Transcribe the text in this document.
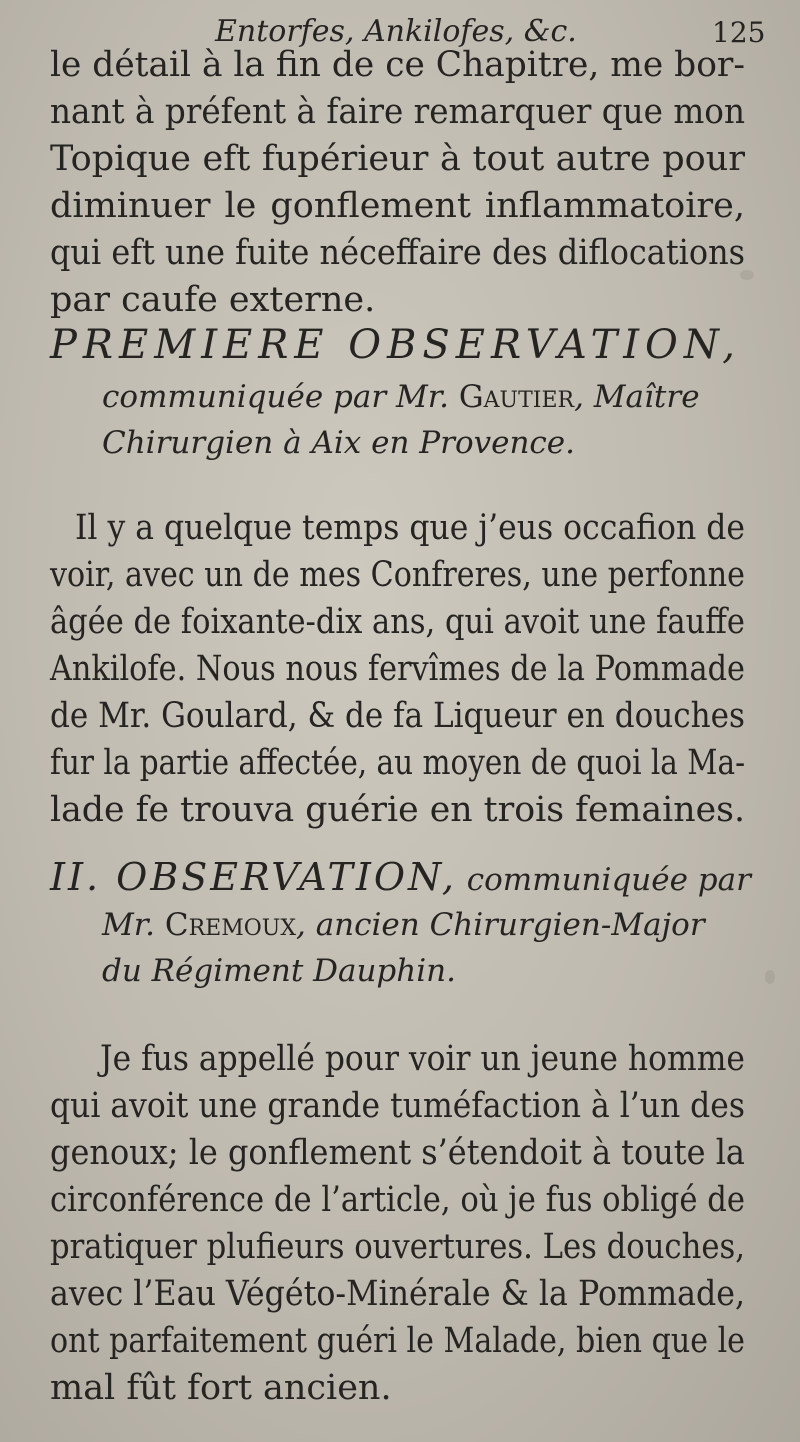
Entorfes, Ankilofes, &c.	125
le détail à la fin de ce Chapitre, me bor-
nant à préfent à faire remarquer que mon
Topique eft fupérieur à tout autre pour
diminuer le gonflement inflammatoire,
qui eft une fuite néceffaire des diflocations
par caufe externe.
PREMIERE OBSERVATION,
communiquée par Mr. Gautier, Maître
Chirurgien à Aix en Provence.
Il y a quelque temps que j’eus occafion de
voir, avec un de mes Confreres, une perfonne
âgée de foixante-dix ans, qui avoit une fauffe
Ankilofe. Nous nous fervîmes de la Pommade
de Mr. Goulard, & de fa Liqueur en douches
fur la partie affectée, au moyen de quoi la Ma-
lade fe trouva guérie en trois femaines.
II. OBSERVATION, communiquée par
Mr. Cremoux, ancien Chirurgien-Major
du Régiment Dauphin.
Je fus appellé pour voir un jeune homme
qui avoit une grande tuméfaction à l’un des
genoux; le gonflement s’étendoit à toute la
circonférence de l’article, où je fus obligé de
pratiquer plufieurs ouvertures. Les douches,
avec l’Eau Végéto-Minérale & la Pommade,
ont parfaitement guéri le Malade, bien que le
mal fût fort ancien.
